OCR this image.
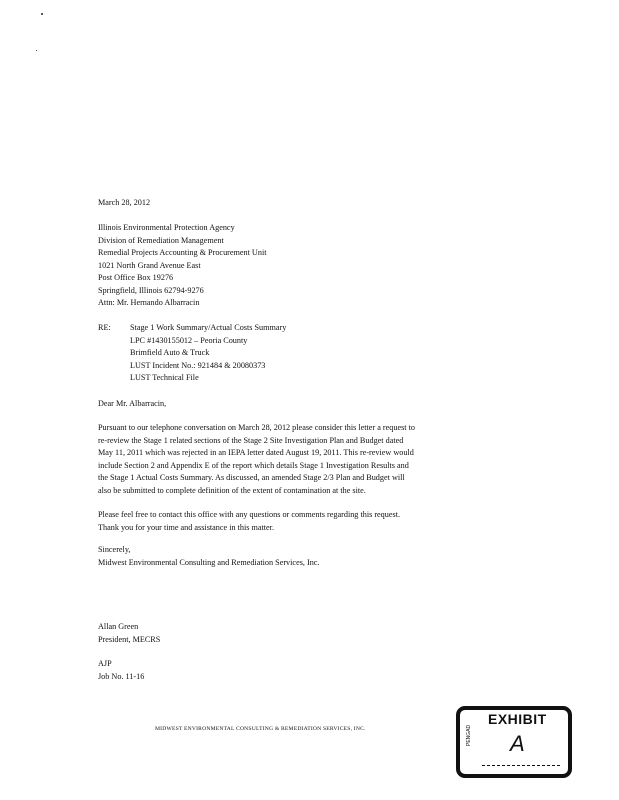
March 28, 2012
Illinois Environmental Protection Agency
Division of Remediation Management
Remedial Projects Accounting & Procurement Unit
1021 North Grand Avenue East
Post Office Box 19276
Springfield, Illinois 62794-9276
Attn: Mr. Hernando Albarracin
RE: Stage 1 Work Summary/Actual Costs Summary
LPC #1430155012 – Peoria County
Brimfield Auto & Truck
LUST Incident No.: 921484 & 20080373
LUST Technical File
Dear Mr. Albarracin,
Pursuant to our telephone conversation on March 28, 2012 please consider this letter a request to
re-review the Stage 1 related sections of the Stage 2 Site Investigation Plan and Budget dated
May 11, 2011 which was rejected in an IEPA letter dated August 19, 2011. This re-review would
include Section 2 and Appendix E of the report which details Stage 1 Investigation Results and
the Stage 1 Actual Costs Summary. As discussed, an amended Stage 2/3 Plan and Budget will
also be submitted to complete definition of the extent of contamination at the site.
Please feel free to contact this office with any questions or comments regarding this request.
Thank you for your time and assistance in this matter.
Sincerely,
Midwest Environmental Consulting and Remediation Services, Inc.
Allan Green
President, MECRS
AJP
Job No. 11-16
MIDWEST ENVIRONMENTAL CONSULTING & REMEDIATION SERVICES, INC.
EXHIBIT
PENGAD A
